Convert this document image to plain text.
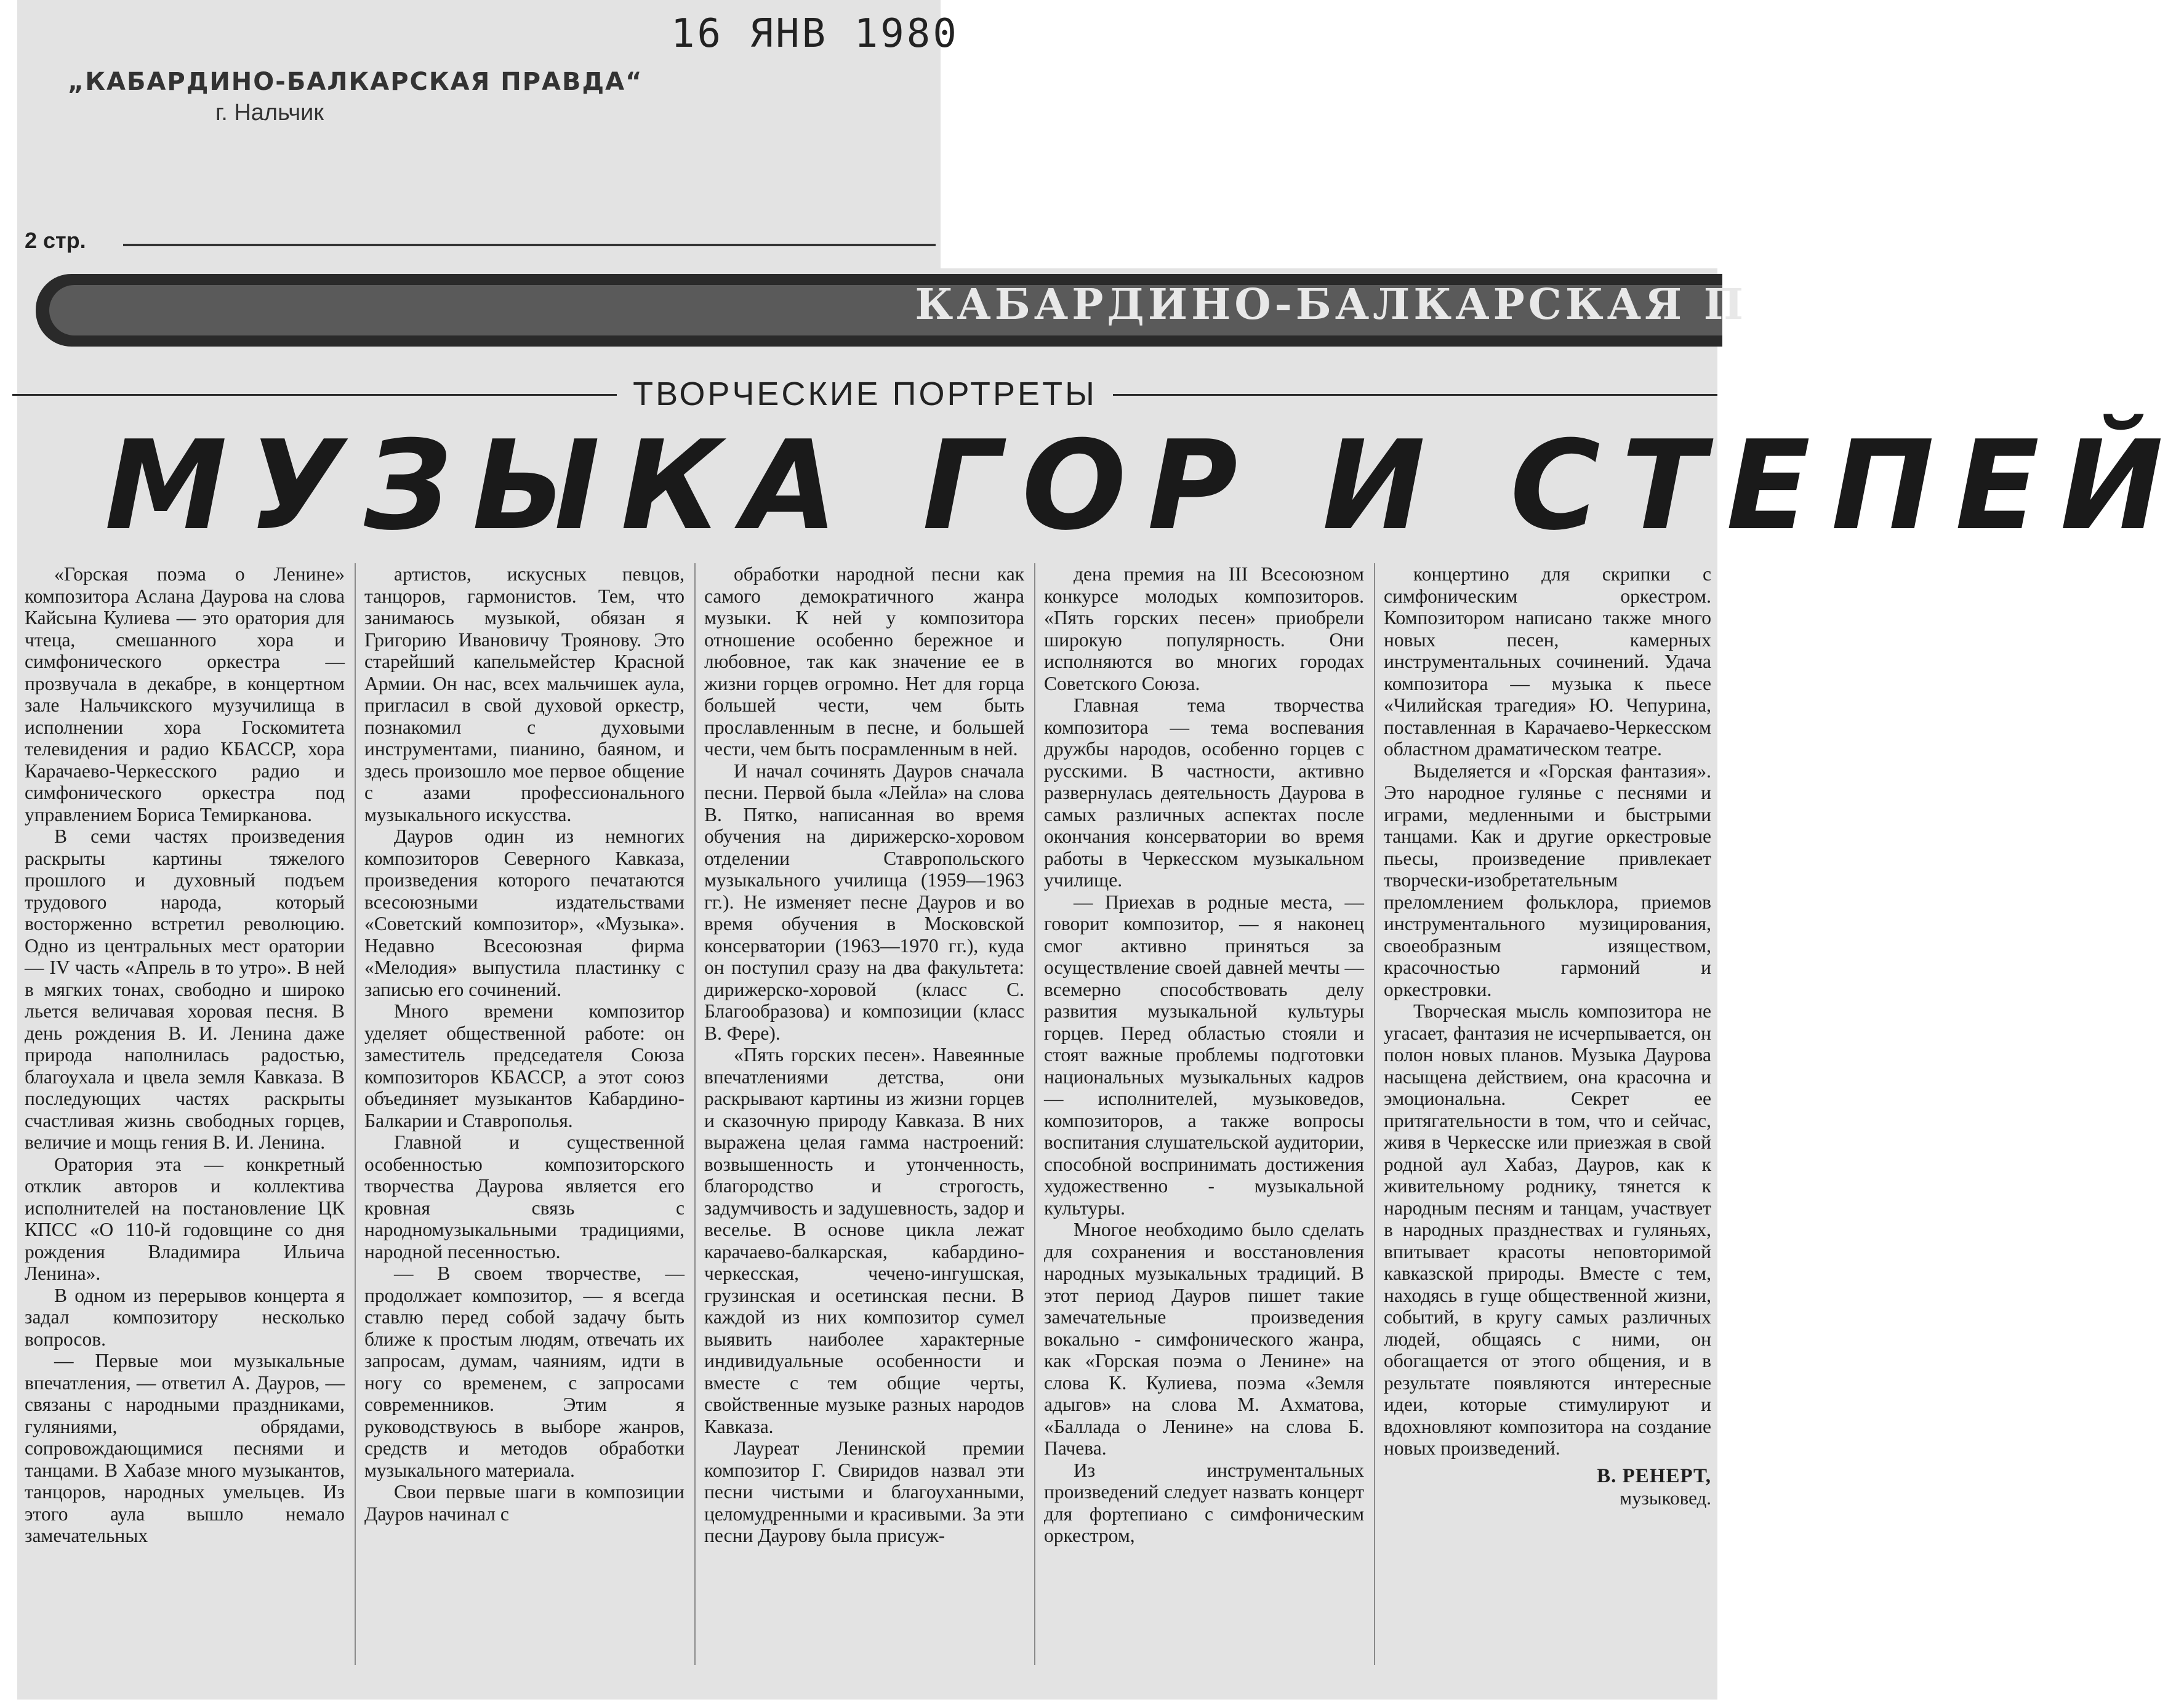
16 ЯНВ 1980
„КАБАРДИНО-БАЛКАРСКАЯ ПРАВДА“
г. Нальчик
2 стр.
КАБАРДИНО-БАЛКАРСКАЯ П
ТВОРЧЕСКИЕ ПОРТРЕТЫ
МУЗЫКА ГОР И СТЕПЕЙ

«Горская поэма о Ленине» композитора Аслана Даурова на слова Кайсына Кулиева — это оратория для чтеца, смешанного хора и симфонического оркестра — прозвучала в декабре, в концертном зале Нальчикского музучилища в исполнении хора Госкомитета телевидения и радио КБАССР, хора Карачаево-Черкесского радио и симфонического оркестра под управлением Бориса Темирканова.

В семи частях произведения раскрыты картины тяжелого прошлого и духовный подъем трудового народа, который восторженно встретил революцию. Одно из центральных мест оратории — IV часть «Апрель в то утро». В ней в мягких тонах, свободно и широко льется величавая хоровая песня. В день рождения В. И. Ленина даже природа наполнилась радостью, благоухала и цвела земля Кавказа. В последующих частях раскрыты счастливая жизнь свободных горцев, величие и мощь гения В. И. Ленина.

Оратория эта — конкретный отклик авторов и коллектива исполнителей на постановление ЦК КПСС «О 110-й годовщине со дня рождения Владимира Ильича Ленина».

В одном из перерывов концерта я задал композитору несколько вопросов.

— Первые мои музыкальные впечатления, — ответил А. Дауров, — связаны с народными праздниками, гуляниями, обрядами, сопровождающимися песнями и танцами. В Хабазе много музыкантов, танцоров, народных умельцев. Из этого аула вышло немало замечательных

артистов, искусных певцов, танцоров, гармонистов. Тем, что занимаюсь музыкой, обязан я Григорию Ивановичу Троянову. Это старейший капельмейстер Красной Армии. Он нас, всех мальчишек аула, пригласил в свой духовой оркестр, познакомил с духовыми инструментами, пианино, баяном, и здесь произошло мое первое общение с азами профессионального музыкального искусства.

Дауров один из немногих композиторов Северного Кавказа, произведения которого печатаются всесоюзными издательствами «Советский композитор», «Музыка». Недавно Всесоюзная фирма «Мелодия» выпустила пластинку с записью его сочинений.

Много времени композитор уделяет общественной работе: он заместитель председателя Союза композиторов КБАССР, а этот союз объединяет музыкантов Кабардино-Балкарии и Ставрополья.

Главной и существенной особенностью композиторского творчества Даурова является его кровная связь с народномузыкальными традициями, народной песенностью.

— В своем творчестве, — продолжает композитор, — я всегда ставлю перед собой задачу быть ближе к простым людям, отвечать их запросам, думам, чаяниям, идти в ногу со временем, с запросами современников. Этим я руководствуюсь в выборе жанров, средств и методов обработки музыкального материала.

Свои первые шаги в композиции Дауров начинал с

обработки народной песни как самого демократичного жанра музыки. К ней у композитора отношение особенно бережное и любовное, так как значение ее в жизни горцев огромно. Нет для горца большей чести, чем быть прославленным в песне, и большей чести, чем быть посрамленным в ней.

И начал сочинять Дауров сначала песни. Первой была «Лейла» на слова В. Пятко, написанная во время обучения на дирижерско-хоровом отделении Ставропольского музыкального училища (1959—1963 гг.). Не изменяет песне Дауров и во время обучения в Московской консерватории (1963—1970 гг.), куда он поступил сразу на два факультета: дирижерско-хоровой (класс С. Благообразова) и композиции (класс В. Фере).

«Пять горских песен». Навеянные впечатлениями детства, они раскрывают картины из жизни горцев и сказочную природу Кавказа. В них выражена целая гамма настроений: возвышенность и утонченность, благородство и строгость, задумчивость и задушевность, задор и веселье. В основе цикла лежат карачаево-балкарская, кабардино-черкесская, чечено-ингушская, грузинская и осетинская песни. В каждой из них композитор сумел выявить наиболее характерные индивидуальные особенности и вместе с тем общие черты, свойственные музыке разных народов Кавказа.

Лауреат Ленинской премии композитор Г. Свиридов назвал эти песни чистыми и благоуханными, целомудренными и красивыми. За эти песни Даурову была присуж-

дена премия на III Всесоюзном конкурсе молодых композиторов. «Пять горских песен» приобрели широкую популярность. Они исполняются во многих городах Советского Союза.

Главная тема творчества композитора — тема воспевания дружбы народов, особенно горцев с русскими. В частности, активно развернулась деятельность Даурова в самых различных аспектах после окончания консерватории во время работы в Черкесском музыкальном училище.

— Приехав в родные места, — говорит композитор, — я наконец смог активно приняться за осуществление своей давней мечты — всемерно способствовать делу развития музыкальной культуры горцев. Перед областью стояли и стоят важные проблемы подготовки национальных музыкальных кадров — исполнителей, музыковедов, композиторов, а также вопросы воспитания слушательской аудитории, способной воспринимать достижения художественно - музыкальной культуры.

Многое необходимо было сделать для сохранения и восстановления народных музыкальных традиций. В этот период Дауров пишет такие замечательные произведения вокально - симфонического жанра, как «Горская поэма о Ленине» на слова К. Кулиева, поэма «Земля адыгов» на слова М. Ахматова, «Баллада о Ленине» на слова Б. Пачева.

Из инструментальных произведений следует назвать концерт для фортепиано с симфоническим оркестром,

концертино для скрипки с симфоническим оркестром. Композитором написано также много новых песен, камерных инструментальных сочинений. Удача композитора — музыка к пьесе «Чилийская трагедия» Ю. Чепурина, поставленная в Карачаево-Черкесском областном драматическом театре.

Выделяется и «Горская фантазия». Это народное гулянье с песнями и играми, медленными и быстрыми танцами. Как и другие оркестровые пьесы, произведение привлекает творчески-изобретательным преломлением фольклора, приемов инструментального музицирования, своеобразным изяществом, красочностью гармоний и оркестровки.

Творческая мысль композитора не угасает, фантазия не исчерпывается, он полон новых планов. Музыка Даурова насыщена действием, она красочна и эмоциональна. Секрет ее притягательности в том, что и сейчас, живя в Черкесске или приезжая в свой родной аул Хабаз, Дауров, как к живительному роднику, тянется к народным песням и танцам, участвует в народных празднествах и гуляньях, впитывает красоты неповторимой кавказской природы. Вместе с тем, находясь в гуще общественной жизни, событий, в кругу самых различных людей, общаясь с ними, он обогащается от этого общения, и в результате появляются интересные идеи, которые стимулируют и вдохновляют композитора на создание новых произведений.

В. РЕНЕРТ,
музыковед.
